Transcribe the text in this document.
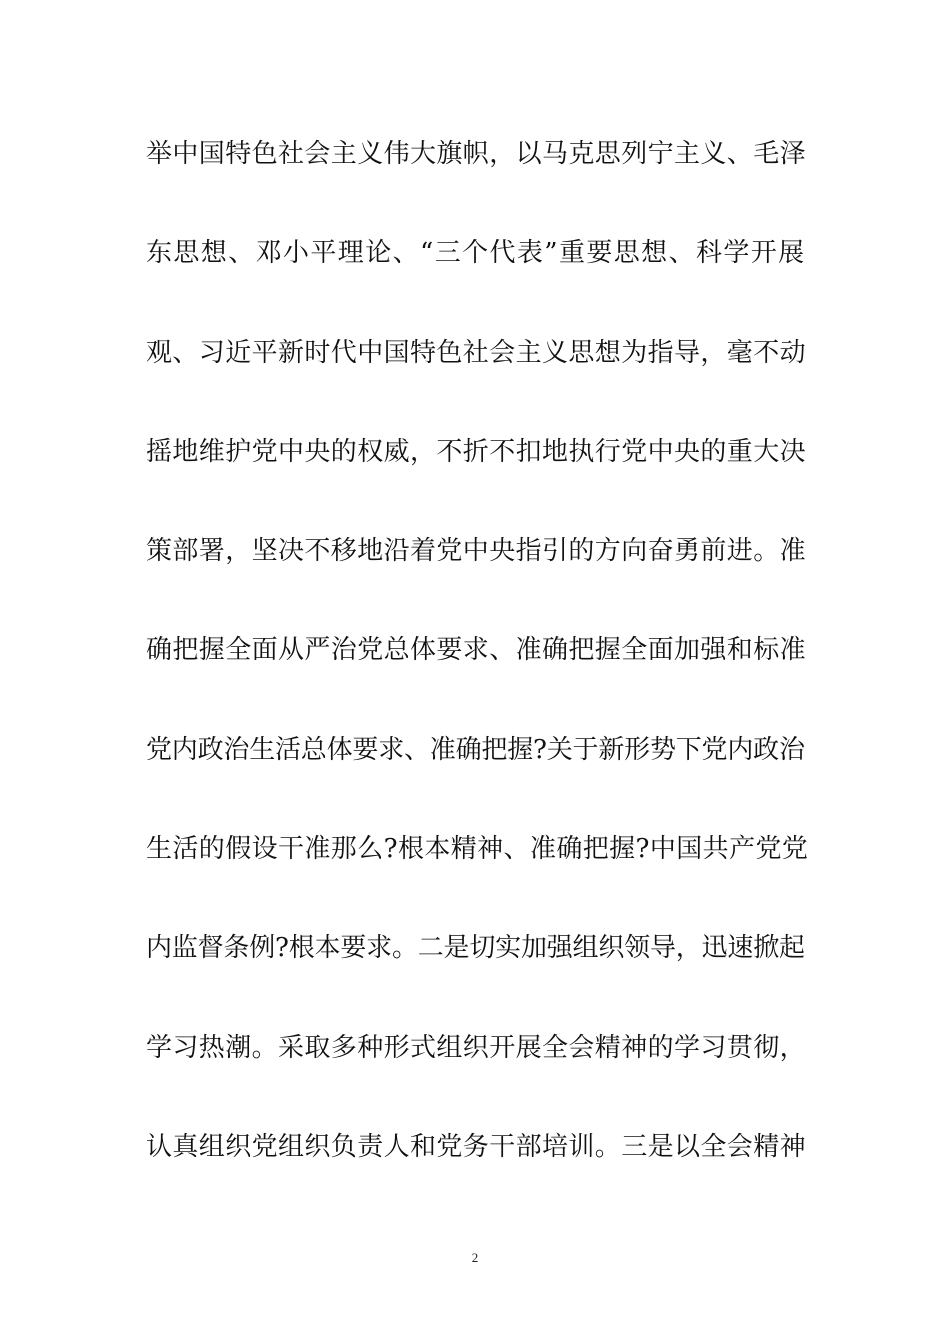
举中国特色社会主义伟大旗帜，以马克思列宁主义、毛泽
东思想、邓小平理论、“三个代表”重要思想、科学开展
观、习近平新时代中国特色社会主义思想为指导，毫不动
摇地维护党中央的权威，不折不扣地执行党中央的重大决
策部署，坚决不移地沿着党中央指引的方向奋勇前进。准
确把握全面从严治党总体要求、准确把握全面加强和标准
党内政治生活总体要求、准确把握?关于新形势下党内政治
生活的假设干准那么?根本精神、准确把握?中国共产党党
内监督条例?根本要求。二是切实加强组织领导，迅速掀起
学习热潮。采取多种形式组织开展全会精神的学习贯彻，
认真组织党组织负责人和党务干部培训。三是以全会精神
2
